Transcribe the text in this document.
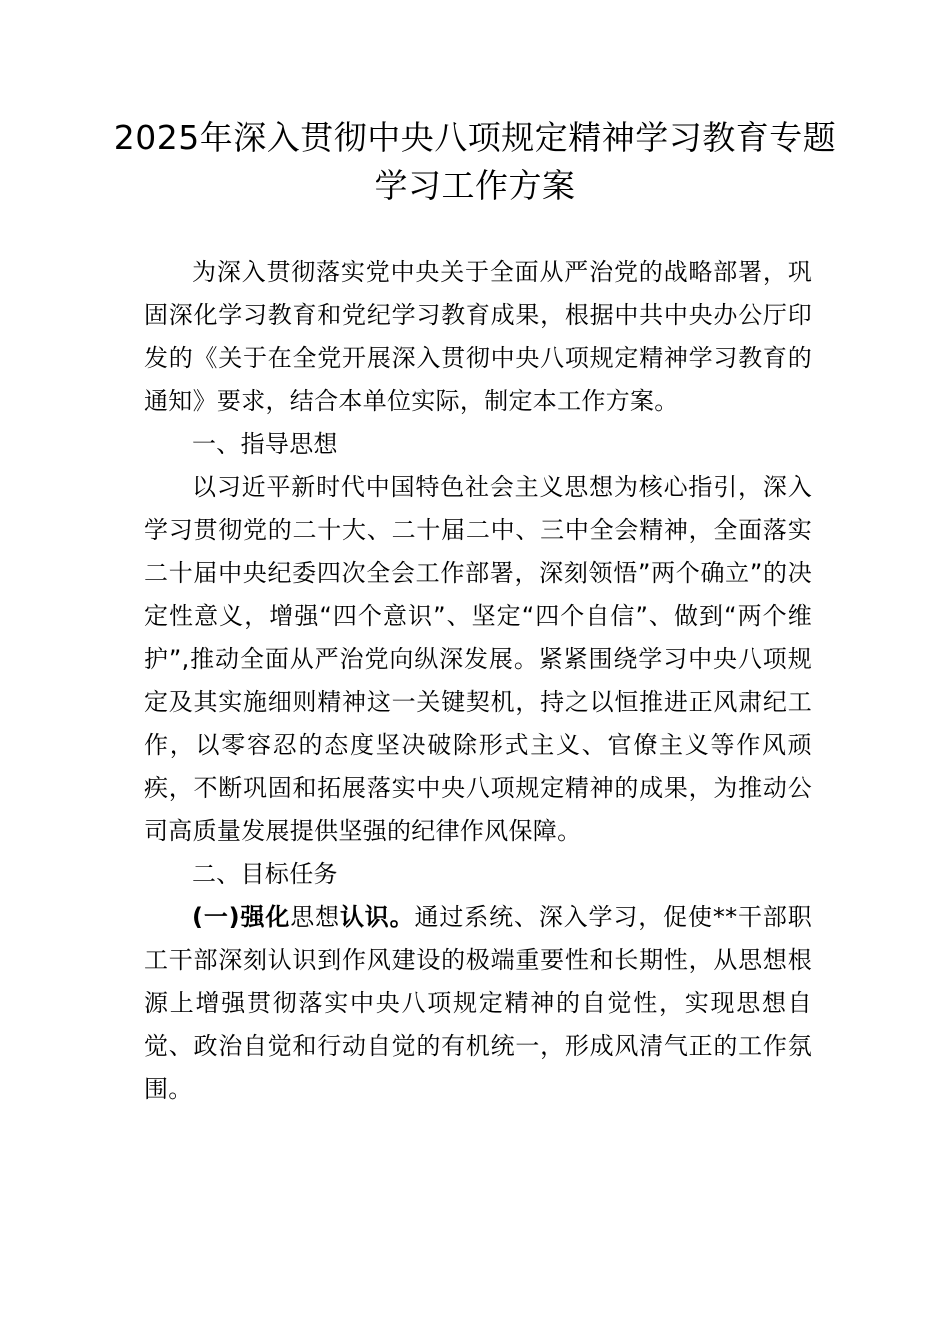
2025年深入贯彻中央八项规定精神学习教育专题学习工作方案

为深入贯彻落实党中央关于全面从严治党的战略部署，巩固深化学习教育和党纪学习教育成果，根据中共中央办公厅印发的《关于在全党开展深入贯彻中央八项规定精神学习教育的通知》要求，结合本单位实际，制定本工作方案。

一、指导思想

以习近平新时代中国特色社会主义思想为核心指引，深入学习贯彻党的二十大、二十届二中、三中全会精神，全面落实二十届中央纪委四次全会工作部署，深刻领悟”两个确立”的决定性意义，增强“四个意识”、坚定“四个自信”、做到“两个维护”,推动全面从严治党向纵深发展。紧紧围绕学习中央八项规定及其实施细则精神这一关键契机，持之以恒推进正风肃纪工作，以零容忍的态度坚决破除形式主义、官僚主义等作风顽疾，不断巩固和拓展落实中央八项规定精神的成果，为推动公司高质量发展提供坚强的纪律作风保障。

二、目标任务

(一)强化思想认识。通过系统、深入学习，促使**干部职工干部深刻认识到作风建设的极端重要性和长期性，从思想根源上增强贯彻落实中央八项规定精神的自觉性，实现思想自觉、政治自觉和行动自觉的有机统一，形成风清气正的工作氛围。
